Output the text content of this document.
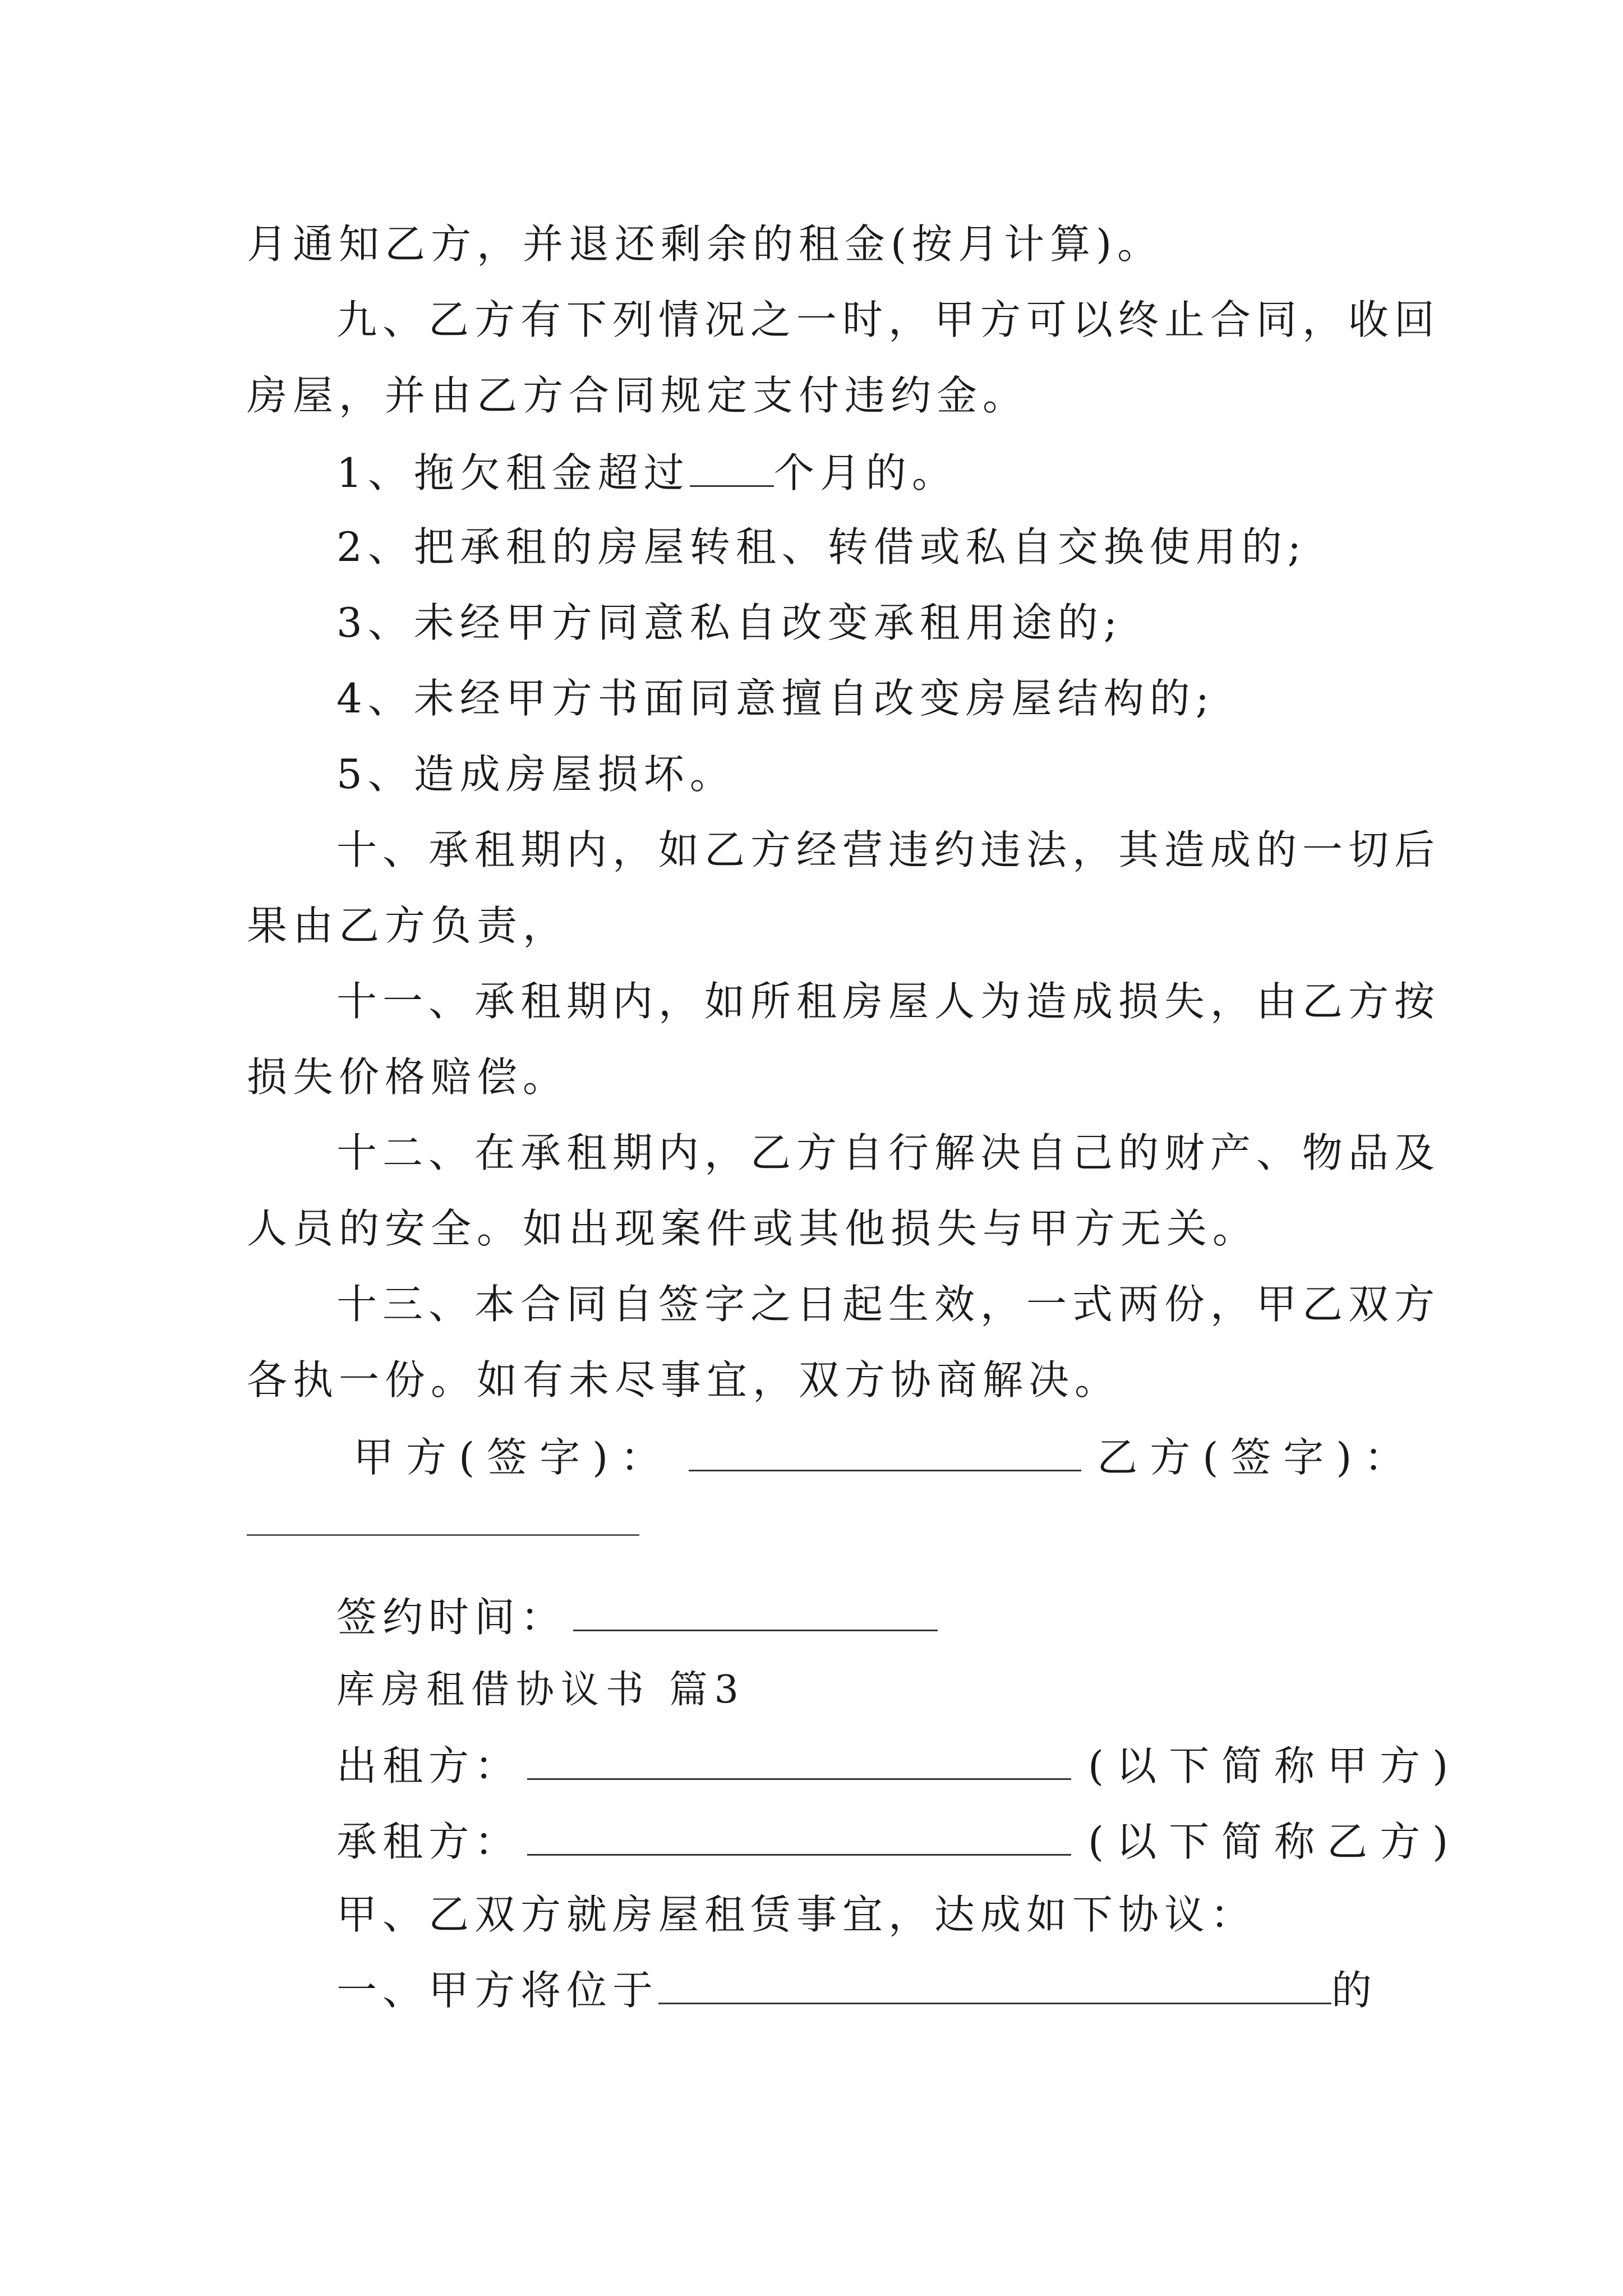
月通知乙方，并退还剩余的租金(按月计算)。
九、乙方有下列情况之一时，甲方可以终止合同，收回
房屋，并由乙方合同规定支付违约金。
1、拖欠租金超过 个月的。
2、把承租的房屋转租、转借或私自交换使用的;
3、未经甲方同意私自改变承租用途的;
4、未经甲方书面同意擅自改变房屋结构的;
5、造成房屋损坏。
十、承租期内，如乙方经营违约违法，其造成的一切后
果由乙方负责，
十一、承租期内，如所租房屋人为造成损失，由乙方按
损失价格赔偿。
十二、在承租期内，乙方自行解决自己的财产、物品及
人员的安全。如出现案件或其他损失与甲方无关。
十三、本合同自签字之日起生效，一式两份，甲乙双方
各执一份。如有未尽事宜，双方协商解决。
甲方(签字)：	乙方(签字)：
签约时间：
库房租借协议书 篇3
出租方：	(以下简称甲方)
承租方：	(以下简称乙方)
甲、乙双方就房屋租赁事宜，达成如下协议：
一、甲方将位于	的
